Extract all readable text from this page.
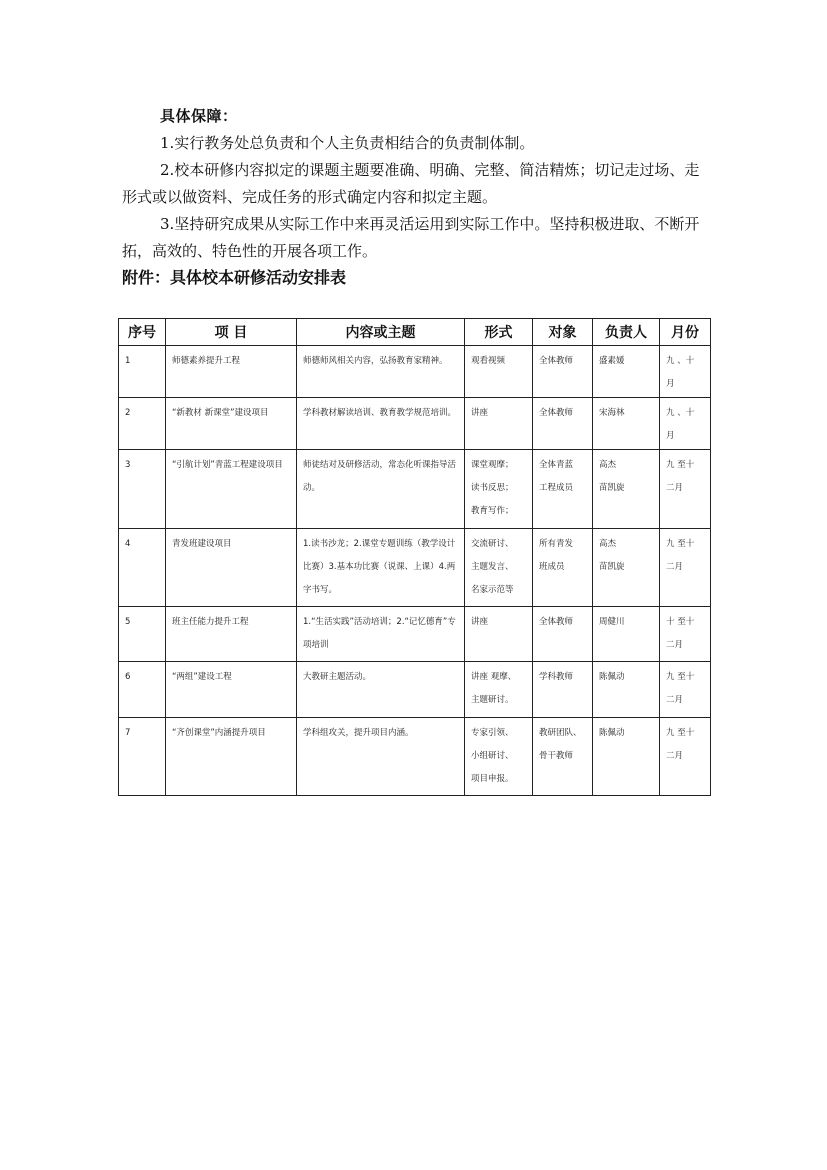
具体保障：
1.实行教务处总负责和个人主负责相结合的负责制体制。
2.校本研修内容拟定的课题主题要准确、明确、完整、简洁精炼；切记走过场、走形式或以做资料、完成任务的形式确定内容和拟定主题。
3.坚持研究成果从实际工作中来再灵活运用到实际工作中。坚持积极进取、不断开拓，高效的、特色性的开展各项工作。
附件：具体校本研修活动安排表
序号	项 目	内容或主题	形式	对象	负责人	月份
1	师德素养提升工程	师德师风相关内容，弘扬教育家精神。	观看视频	全体教师	盛素媛	九 、十
月
2	“新教材 新课堂”建设项目	学科教材解读培训、教育教学规范培训。	讲座	全体教师	宋海林	九 、十
月
3	“引航计划”青蓝工程建设项目	师徒结对及研修活动，常态化听课指导活动。	课堂观摩；
读书反思；
教育写作；	全体青蓝
工程成员	高杰
苗凯旋	九 至十
二月
4	青发班建设项目	1.读书沙龙；2.课堂专题训练（教学设计比赛）3.基本功比赛（说课、上课）4.两字书写。	交流研讨、
主题发言、
名家示范等	所有青发
班成员	高杰
苗凯旋	九 至十
二月
5	班主任能力提升工程	1.“生活实践”活动培训；2.“记忆德育”专项培训	讲座	全体教师	周健川	十 至十
二月
6	“两组”建设工程	大教研主题活动。	讲座 观摩、
主题研讨。	学科教师	陈佩动	九 至十
二月
7	“齐创课堂”内涵提升项目	学科组攻关，提升项目内涵。	专家引领、
小组研讨、
项目申报。	教研团队、
骨干教师	陈佩动	九 至十
二月
